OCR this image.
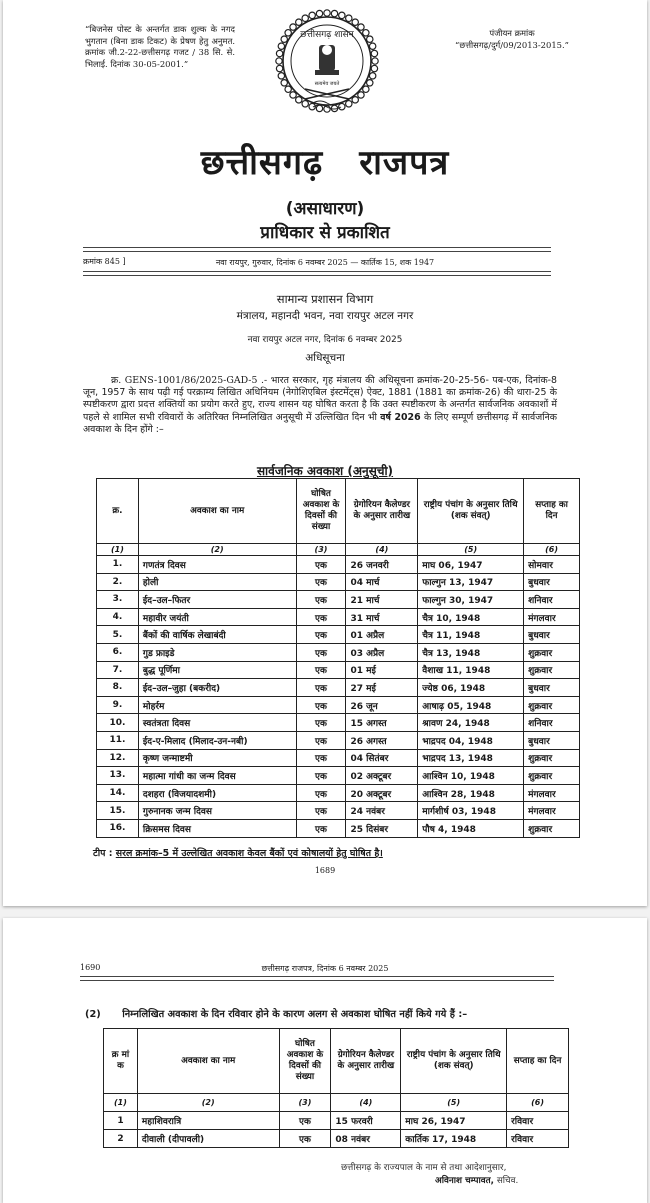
“बिजनेस पोस्ट के अन्तर्गत डाक शुल्क के नगद भुगतान (बिना डाक टिकट) के प्रेषण हेतु अनुमत. क्रमांक जी.2-22-छत्तीसगढ़ गजट / 38 सि. से. भिलाई. दिनांक 30-05-2001.”
छत्तीसगढ़ शासन
सत्यमेव जयते
पंजीयन क्रमांक
“छत्तीसगढ़/दुर्ग/09/2013-2015.”
छत्तीसगढ़ राजपत्र
(असाधारण)
प्राधिकार से प्रकाशित
क्रमांक 845 ]	नवा रायपुर, गुरुवार, दिनांक 6 नवम्बर 2025 — कार्तिक 15, शक 1947
सामान्य प्रशासन विभाग
मंत्रालय, महानदी भवन, नवा रायपुर अटल नगर
नवा रायपुर अटल नगर, दिनांक 6 नवम्बर 2025
अधिसूचना
क्र. GENS-1001/86/2025-GAD-5 .- भारत सरकार, गृह मंत्रालय की अधिसूचना क्रमांक-20-25-56- पब-एक, दिनांक-8 जून, 1957 के साथ पढ़ी गई परक्राम्य लिखित अधिनियम (नेगोशिएबिल इंस्टमेंट्स) ऐक्ट, 1881 (1881 का क्रमांक-26) की धारा-25 के स्पष्टीकरण द्वारा प्रदत्त शक्तियों का प्रयोग करते हुए, राज्य शासन यह घोषित करता है कि उक्त स्पष्टीकरण के अन्तर्गत सार्वजनिक अवकाशों में पहले से शामिल सभी रविवारों के अतिरिक्त निम्नलिखित अनुसूची में उल्लिखित दिन भी वर्ष 2026 के लिए सम्पूर्ण छत्तीसगढ़ में सार्वजनिक अवकाश के दिन होंगे :–
सार्वजनिक अवकाश (अनुसूची)
क्र.	अवकाश का नाम	घोषित अवकाश के दिवसों की संख्या	ग्रेगोरियन कैलेण्डर के अनुसार तारीख	राष्ट्रीय पंचांग के अनुसार तिथि (शक संवत्)	सप्ताह का दिन
(1)	(2)	(3)	(4)	(5)	(6)
1.	गणतंत्र दिवस	एक	26 जनवरी	माघ 06, 1947	सोमवार
2.	होली	एक	04 मार्च	फाल्गुन 13, 1947	बुधवार
3.	ईद–उल–फितर	एक	21 मार्च	फाल्गुन 30, 1947	शनिवार
4.	महावीर जयंती	एक	31 मार्च	चैत्र 10, 1948	मंगलवार
5.	बैंकों की वार्षिक लेखाबंदी	एक	01 अप्रैल	चैत्र 11, 1948	बुधवार
6.	गुड फ्राइडे	एक	03 अप्रैल	चैत्र 13, 1948	शुक्रवार
7.	बुद्ध पूर्णिमा	एक	01 मई	वैशाख 11, 1948	शुक्रवार
8.	ईद–उल–जुहा (बकरीद)	एक	27 मई	ज्येष्ठ 06, 1948	बुधवार
9.	मोहर्रम	एक	26 जून	आषाढ़ 05, 1948	शुक्रवार
10.	स्वतंत्रता दिवस	एक	15 अगस्त	श्रावण 24, 1948	शनिवार
11.	ईद-ए-मिलाद (मिलाद-उन-नबी)	एक	26 अगस्त	भाद्रपद 04, 1948	बुधवार
12.	कृष्ण जन्माष्टमी	एक	04 सितंबर	भाद्रपद 13, 1948	शुक्रवार
13.	महात्मा गांधी का जन्म दिवस	एक	02 अक्टूबर	आश्विन 10, 1948	शुक्रवार
14.	दशहरा (विजयादशमी)	एक	20 अक्टूबर	आश्विन 28, 1948	मंगलवार
15.	गुरुनानक जन्म दिवस	एक	24 नवंबर	मार्गशीर्ष 03, 1948	मंगलवार
16.	क्रिसमस दिवस	एक	25 दिसंबर	पौष 4, 1948	शुक्रवार
टीप : सरल क्रमांक–5 में उल्लेखित अवकाश केवल बैंकों एवं कोषालयों हेतु घोषित है।
1689
1690	छत्तीसगढ़ राजपत्र, दिनांक 6 नवम्बर 2025
(2) निम्नलिखित अवकाश के दिन रविवार होने के कारण अलग से अवकाश घोषित नहीं किये गये हैं :–
क्र मां क	अवकाश का नाम	घोषित अवकाश के दिवसों की संख्या	ग्रेगोरियन कैलेण्डर के अनुसार तारीख	राष्ट्रीय पंचांग के अनुसार तिथि (शक संवत्)	सप्ताह का दिन
(1)	(2)	(3)	(4)	(5)	(6)
1	महाशिवरात्रि	एक	15 फरवरी	माघ 26, 1947	रविवार
2	दीवाली (दीपावली)	एक	08 नवंबर	कार्तिक 17, 1948	रविवार
छत्तीसगढ़ के राज्यपाल के नाम से तथा आदेशानुसार,
अविनाश चम्पावत, सचिव.
